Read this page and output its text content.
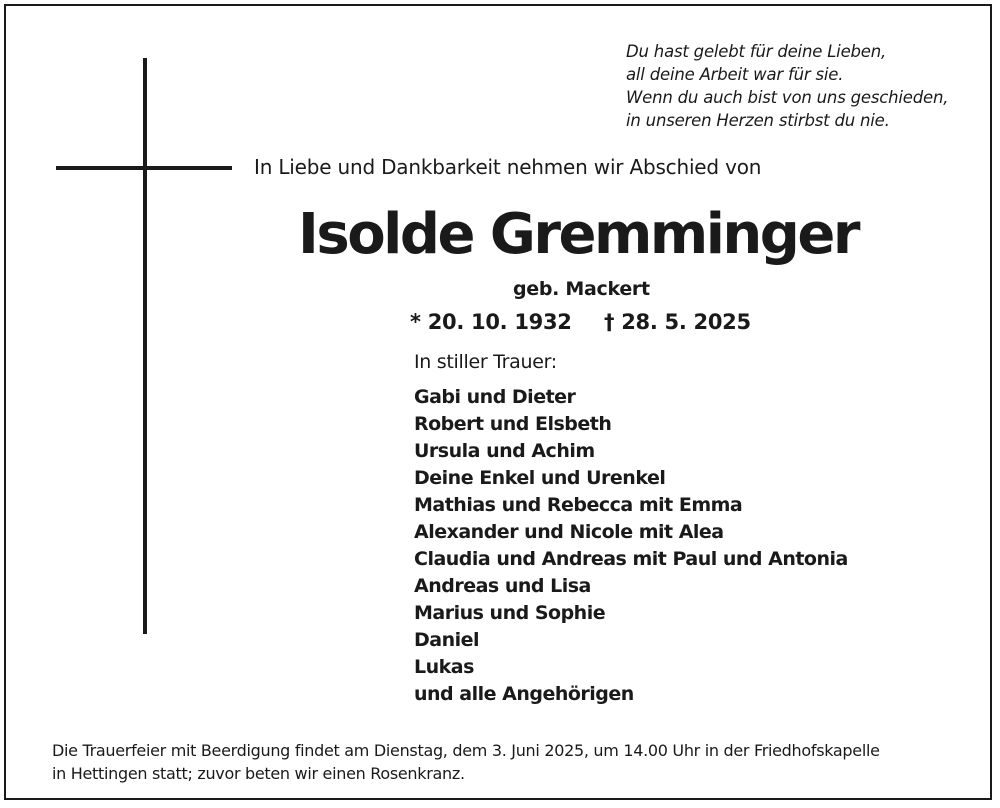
Du hast gelebt für deine Lieben,
all deine Arbeit war für sie.
Wenn du auch bist von uns geschieden,
in unseren Herzen stirbst du nie.
In Liebe und Dankbarkeit nehmen wir Abschied von
Isolde Gremminger
geb. Mackert
* 20. 10. 1932 † 28. 5. 2025
In stiller Trauer:
Gabi und Dieter
Robert und Elsbeth
Ursula und Achim
Deine Enkel und Urenkel
Mathias und Rebecca mit Emma
Alexander und Nicole mit Alea
Claudia und Andreas mit Paul und Antonia
Andreas und Lisa
Marius und Sophie
Daniel
Lukas
und alle Angehörigen
Die Trauerfeier mit Beerdigung findet am Dienstag, dem 3. Juni 2025, um 14.00 Uhr in der Friedhofskapelle
in Hettingen statt; zuvor beten wir einen Rosenkranz.
